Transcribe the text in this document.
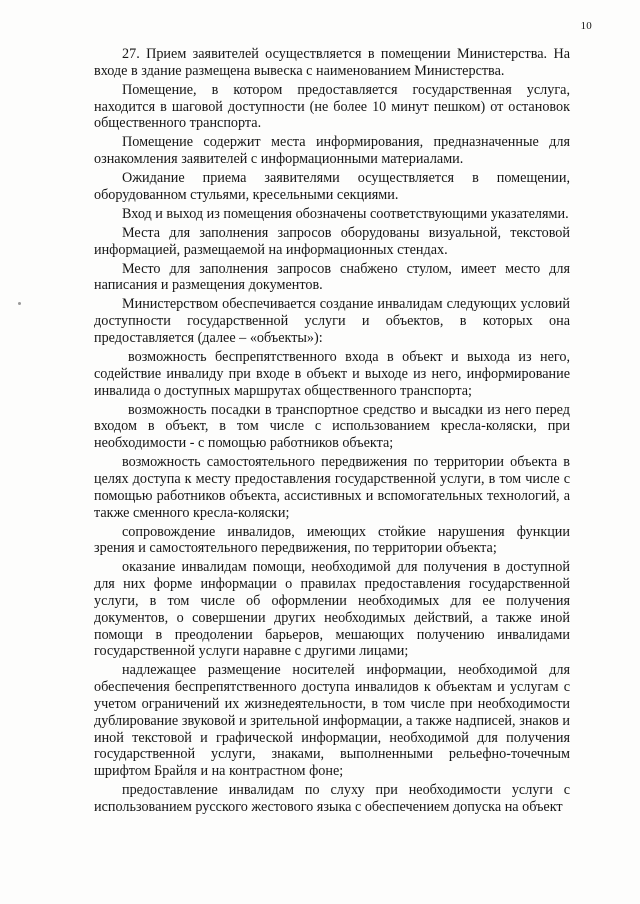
10

27. Прием заявителей осуществляется в помещении Министерства. На входе в здание размещена вывеска с наименованием Министерства.

Помещение, в котором предоставляется государственная услуга, находится в шаговой доступности (не более 10 минут пешком) от остановок общественного транспорта.

Помещение содержит места информирования, предназначенные для ознакомления заявителей с информационными материалами.

Ожидание приема заявителями осуществляется в помещении, оборудованном стульями, кресельными секциями.

Вход и выход из помещения обозначены соответствующими указателями.

Места для заполнения запросов оборудованы визуальной, текстовой информацией, размещаемой на информационных стендах.

Место для заполнения запросов снабжено стулом, имеет место для написания и размещения документов.

Министерством обеспечивается создание инвалидам следующих условий доступности государственной услуги и объектов, в которых она предоставляется (далее – «объекты»):

возможность беспрепятственного входа в объект и выхода из него, содействие инвалиду при входе в объект и выходе из него, информирование инвалида о доступных маршрутах общественного транспорта;

возможность посадки в транспортное средство и высадки из него перед входом в объект, в том числе с использованием кресла-коляски, при необходимости - с помощью работников объекта;

возможность самостоятельного передвижения по территории объекта в целях доступа к месту предоставления государственной услуги, в том числе с помощью работников объекта, ассистивных и вспомогательных технологий, а также сменного кресла-коляски;

сопровождение инвалидов, имеющих стойкие нарушения функции зрения и самостоятельного передвижения, по территории объекта;

оказание инвалидам помощи, необходимой для получения в доступной для них форме информации о правилах предоставления государственной услуги, в том числе об оформлении необходимых для ее получения документов, о совершении других необходимых действий, а также иной помощи в преодолении барьеров, мешающих получению инвалидами государственной услуги наравне с другими лицами;

надлежащее размещение носителей информации, необходимой для обеспечения беспрепятственного доступа инвалидов к объектам и услугам с учетом ограничений их жизнедеятельности, в том числе при необходимости дублирование звуковой и зрительной информации, а также надписей, знаков и иной текстовой и графической информации, необходимой для получения государственной услуги, знаками, выполненными рельефно-точечным шрифтом Брайля и на контрастном фоне;

предоставление инвалидам по слуху при необходимости услуги с использованием русского жестового языка с обеспечением допуска на объект
